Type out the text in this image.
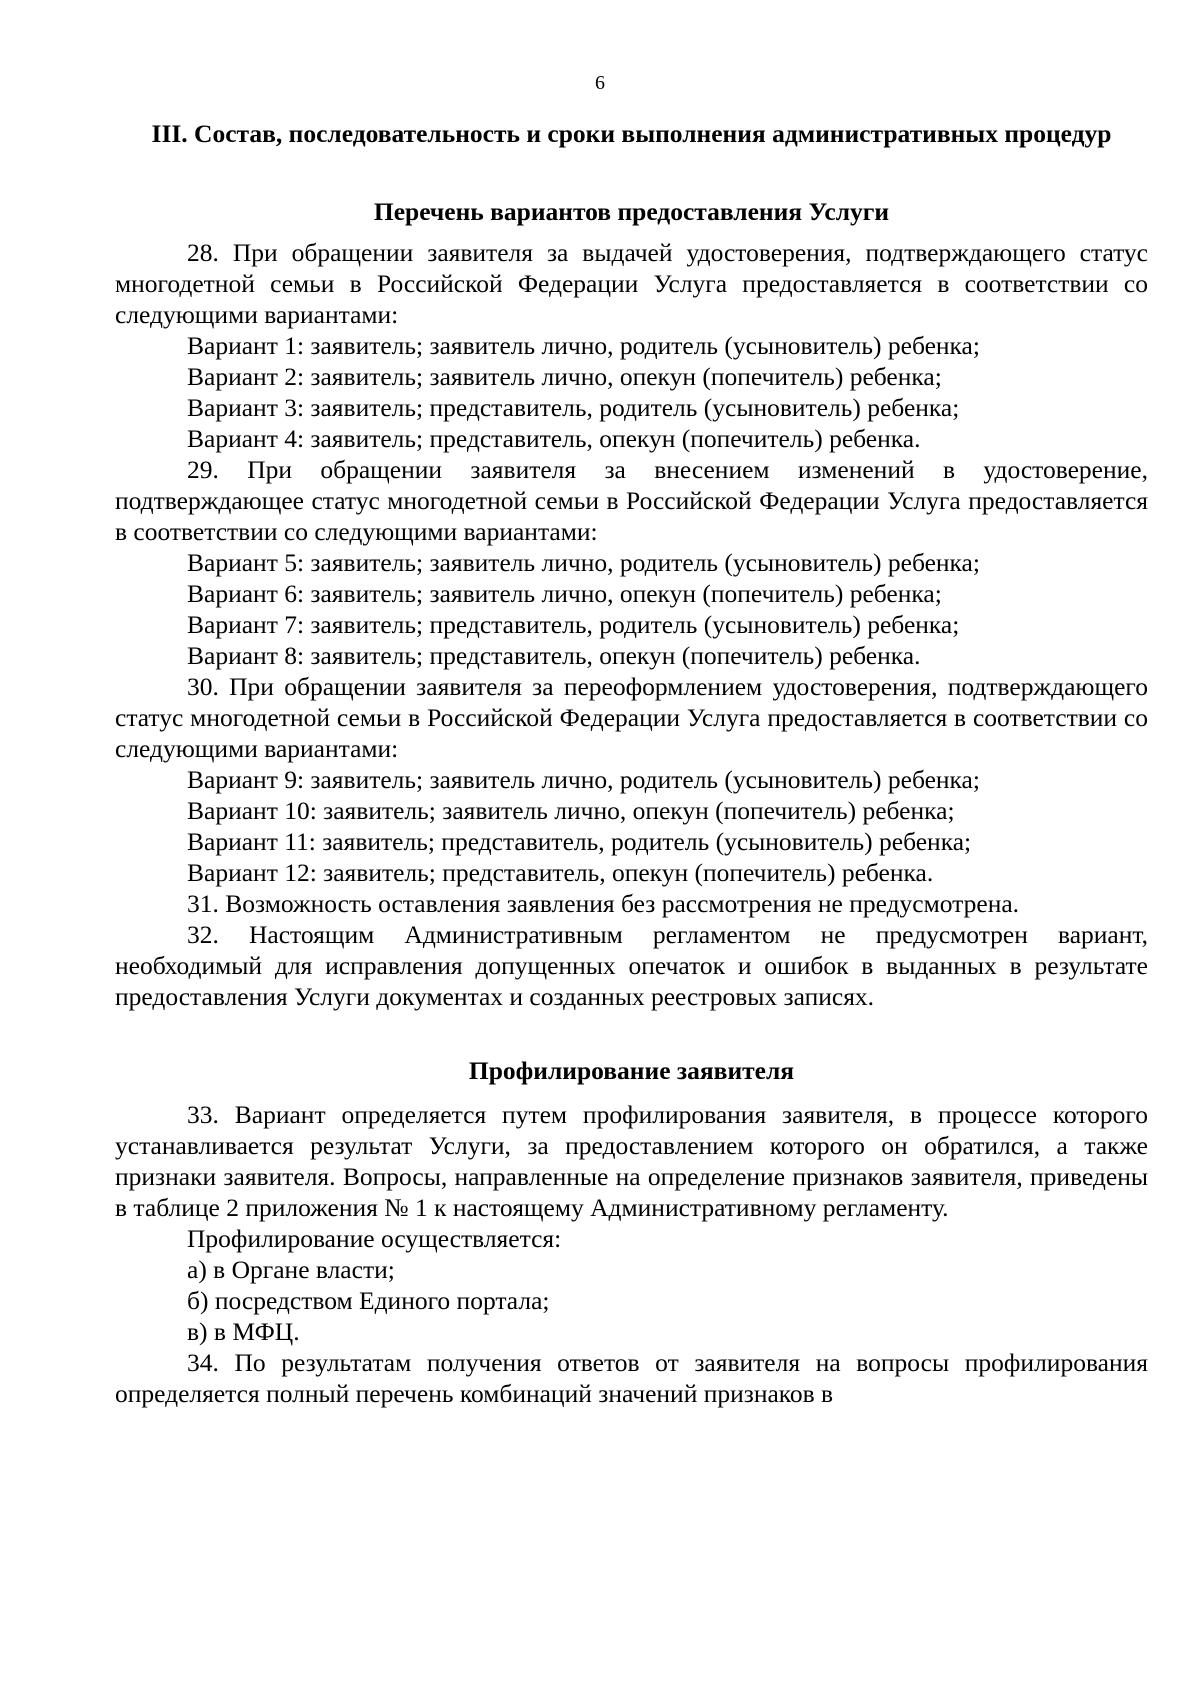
6
III. Состав, последовательность и сроки выполнения административных процедур
Перечень вариантов предоставления Услуги

28. При обращении заявителя за выдачей удостоверения, подтверждающего статус многодетной семьи в Российской Федерации Услуга предоставляется в соответствии со следующими вариантами:

Вариант 1: заявитель; заявитель лично, родитель (усыновитель) ребенка;

Вариант 2: заявитель; заявитель лично, опекун (попечитель) ребенка;

Вариант 3: заявитель; представитель, родитель (усыновитель) ребенка;

Вариант 4: заявитель; представитель, опекун (попечитель) ребенка.

29. При обращении заявителя за внесением изменений в удостоверение, подтверждающее статус многодетной семьи в Российской Федерации Услуга предоставляется в соответствии со следующими вариантами:

Вариант 5: заявитель; заявитель лично, родитель (усыновитель) ребенка;

Вариант 6: заявитель; заявитель лично, опекун (попечитель) ребенка;

Вариант 7: заявитель; представитель, родитель (усыновитель) ребенка;

Вариант 8: заявитель; представитель, опекун (попечитель) ребенка.

30. При обращении заявителя за переоформлением удостоверения, подтверждающего статус многодетной семьи в Российской Федерации Услуга предоставляется в соответствии со следующими вариантами:

Вариант 9: заявитель; заявитель лично, родитель (усыновитель) ребенка;

Вариант 10: заявитель; заявитель лично, опекун (попечитель) ребенка;

Вариант 11: заявитель; представитель, родитель (усыновитель) ребенка;

Вариант 12: заявитель; представитель, опекун (попечитель) ребенка.

31. Возможность оставления заявления без рассмотрения не предусмотрена.

32. Настоящим Административным регламентом не предусмотрен вариант, необходимый для исправления допущенных опечаток и ошибок в выданных в результате предоставления Услуги документах и созданных реестровых записях.

Профилирование заявителя

33. Вариант определяется путем профилирования заявителя, в процессе которого устанавливается результат Услуги, за предоставлением которого он обратился, а также признаки заявителя. Вопросы, направленные на определение признаков заявителя, приведены в таблице 2 приложения № 1 к настоящему Административному регламенту.

Профилирование осуществляется:

а) в Органе власти;

б) посредством Единого портала;

в) в МФЦ.

34. По результатам получения ответов от заявителя на вопросы профилирования определяется полный перечень комбинаций значений признаков в
